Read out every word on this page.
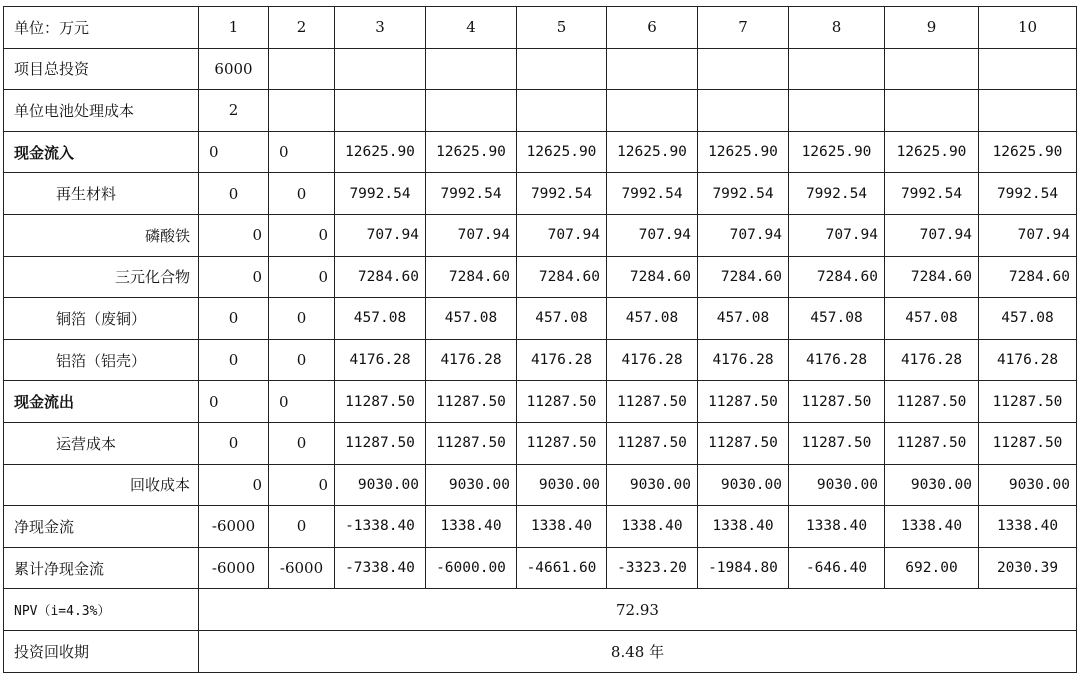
单位：万元	1	2	3	4	5	6	7	8	9	10
项目总投资	6000									
单位电池处理成本	2									
现金流入	0	0	12625.90	12625.90	12625.90	12625.90	12625.90	12625.90	12625.90	12625.90
再生材料	0	0	7992.54	7992.54	7992.54	7992.54	7992.54	7992.54	7992.54	7992.54
磷酸铁	0	0	707.94	707.94	707.94	707.94	707.94	707.94	707.94	707.94
三元化合物	0	0	7284.60	7284.60	7284.60	7284.60	7284.60	7284.60	7284.60	7284.60
铜箔（废铜）	0	0	457.08	457.08	457.08	457.08	457.08	457.08	457.08	457.08
铝箔（铝壳）	0	0	4176.28	4176.28	4176.28	4176.28	4176.28	4176.28	4176.28	4176.28
现金流出	0	0	11287.50	11287.50	11287.50	11287.50	11287.50	11287.50	11287.50	11287.50
运营成本	0	0	11287.50	11287.50	11287.50	11287.50	11287.50	11287.50	11287.50	11287.50
回收成本	0	0	9030.00	9030.00	9030.00	9030.00	9030.00	9030.00	9030.00	9030.00
净现金流	-6000	0	-1338.40	1338.40	1338.40	1338.40	1338.40	1338.40	1338.40	1338.40
累计净现金流	-6000	-6000	-7338.40	-6000.00	-4661.60	-3323.20	-1984.80	-646.40	692.00	2030.39
NPV（i=4.3%）	72.93									
投资回收期	8.48 年									
